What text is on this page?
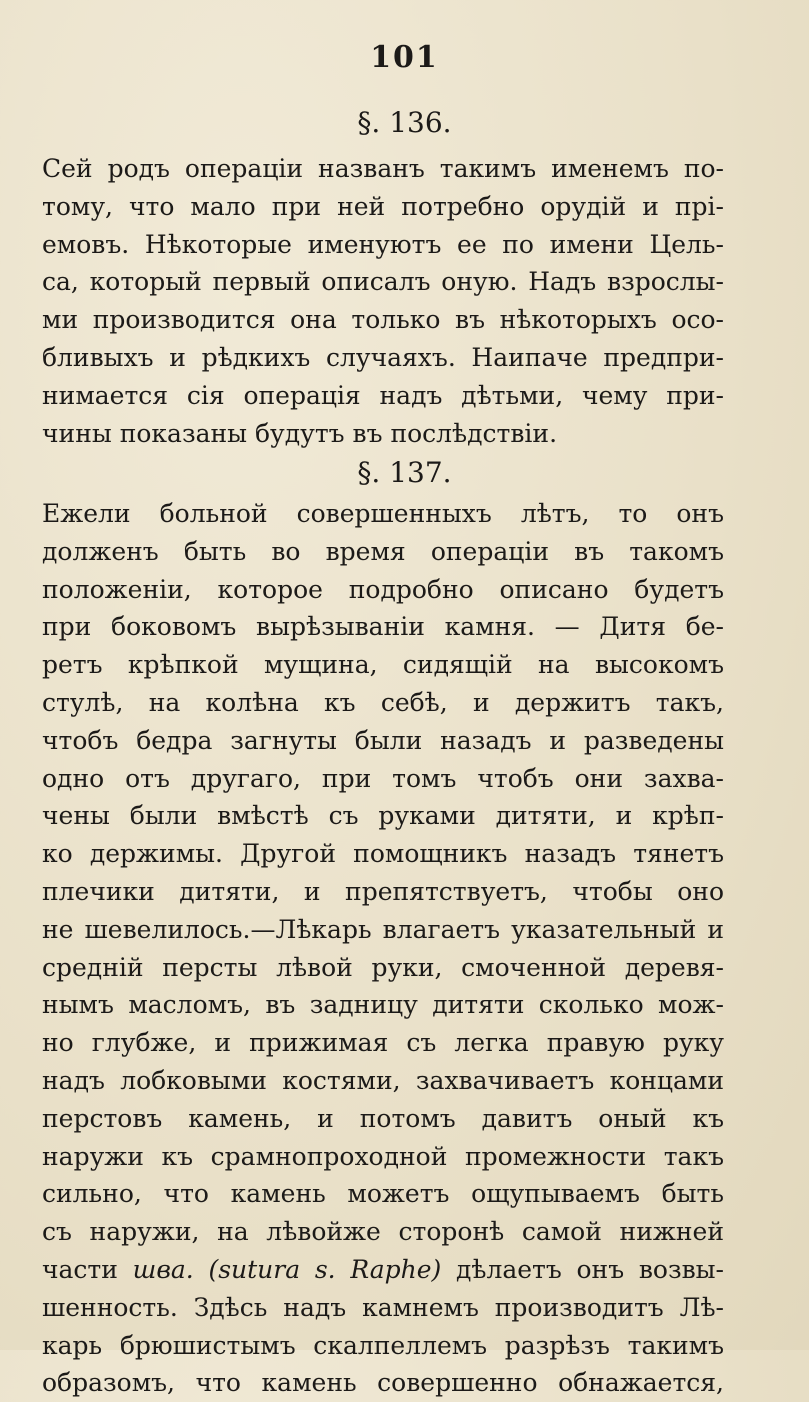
101
§. 136.
Сей родъ операціи названъ такимъ именемъ по-
тому, что мало при ней потребно орудій и прі-
емовъ. Нѣкоторые именуютъ ее по имени Цель-
са, который первый описалъ оную. Надъ взрослы-
ми производится она только въ нѣкоторыхъ осо-
бливыхъ и рѣдкихъ случаяхъ. Наипаче предпри-
нимается сія операція надъ дѣтьми, чему при-
чины показаны будутъ въ послѣдствіи.
§. 137.
Ежели больной совершенныхъ лѣтъ, то онъ
долженъ быть во время операціи въ такомъ
положеніи, которое подробно описано будетъ
при боковомъ вырѣзываніи камня. — Дитя бе-
ретъ крѣпкой мущина, сидящій на высокомъ
стулѣ, на колѣна къ себѣ, и держитъ такъ,
чтобъ бедра загнуты были назадъ и разведены
одно отъ другаго, при томъ чтобъ они захва-
чены были вмѣстѣ съ руками дитяти, и крѣп-
ко держимы. Другой помощникъ назадъ тянетъ
плечики дитяти, и препятствуетъ, чтобы оно
не шевелилось.—Лѣкарь влагаетъ указательный и
средній персты лѣвой руки, смоченной деревя-
нымъ масломъ, въ задницу дитяти сколько мож-
но глубже, и прижимая съ легка правую руку
надъ лобковыми костями, захвачиваетъ концами
перстовъ камень, и потомъ давитъ оный къ
наружи къ срамнопроходной промежности такъ
сильно, что камень можетъ ощупываемъ быть
съ наружи, на лѣвойже сторонѣ самой нижней
части шва. (sutura s. Raphe) дѣлаетъ онъ возвы-
шенность. Здѣсь надъ камнемъ производитъ Лѣ-
карь брюшистымъ скалпеллемъ разрѣзъ такимъ
образомъ, что камень совершенно обнажается,
